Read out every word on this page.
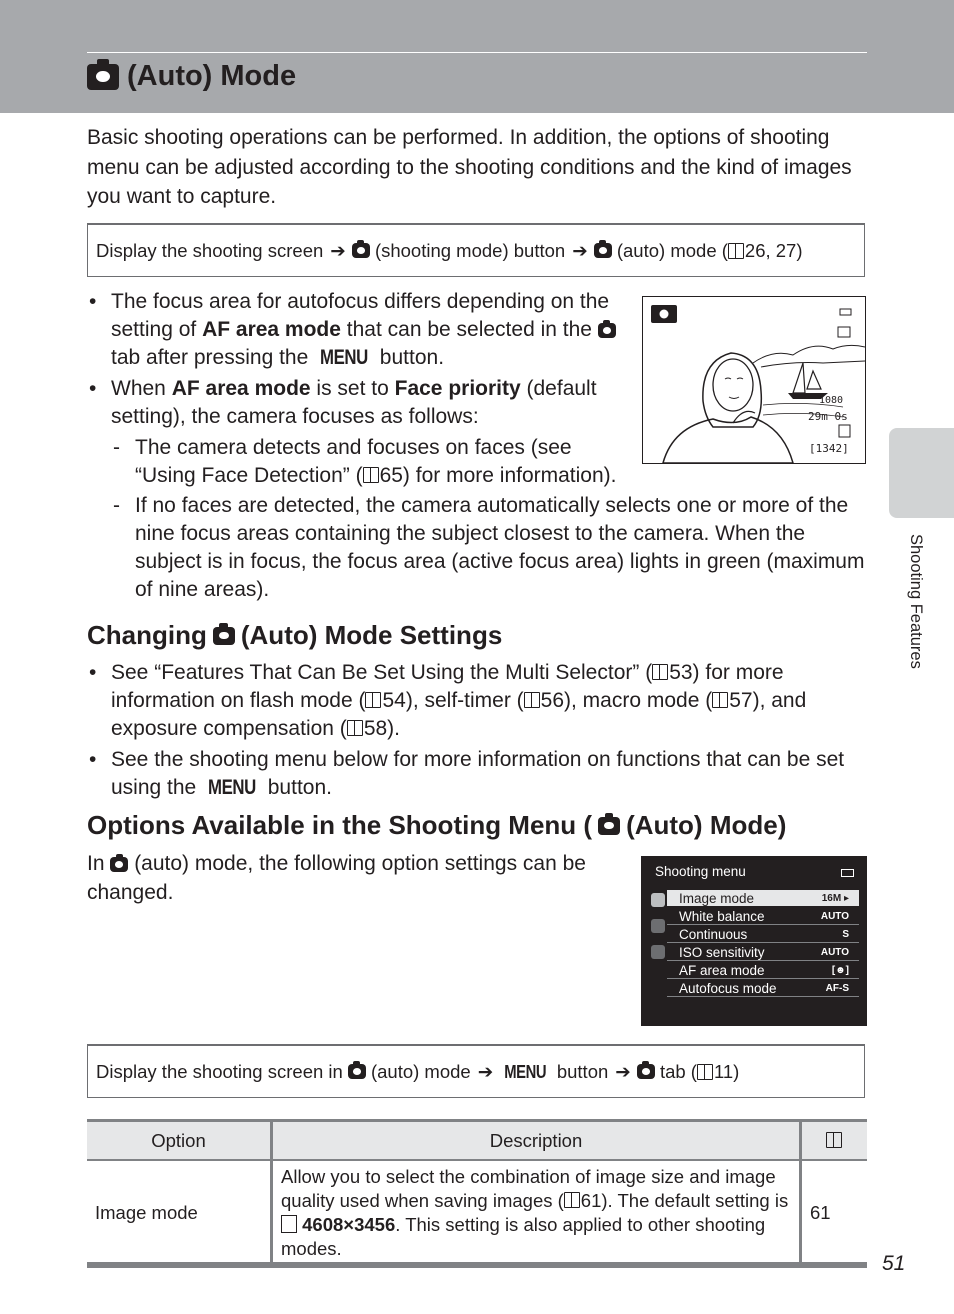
(Auto) Mode

Basic shooting operations can be performed. In addition, the options of shooting menu can be adjusted according to the shooting conditions and the kind of images you want to capture.

Display the shooting screen ➔
(shooting mode) button ➔
(auto) mode ( 26, 27)
• The focus area for autofocus differs depending on the setting of AF area mode that can be selected in the  tab after pressing the MENU button.
• When AF area mode is set to Face priority (default setting), the camera focuses as follows:
- The camera detects and focuses on faces (see “Using Face Detection” ( 65) for more information).
1080
29m 0s
[1342]
- If no faces are detected, the camera automatically selects one or more of the nine focus areas containing the subject closest to the camera. When the subject is in focus, the focus area (active focus area) lights in green (maximum of nine areas).
Changing (Auto) Mode Settings
• See “Features That Can Be Set Using the Multi Selector” ( 53) for more information on flash mode ( 54), self-timer ( 56), macro mode ( 57), and exposure compensation ( 58).
• See the shooting menu below for more information on functions that can be set using the MENU button.
Options Available in the Shooting Menu ( (Auto) Mode)

In  (auto) mode, the following option settings can be changed.

Shooting menu
Image mode	16M ▸
White balance	AUTO
Continuous	S
ISO sensitivity	AUTO
AF area mode	[☻]
Autofocus mode	AF-S
Display the shooting screen in
(auto) mode ➔ MENU
button ➔
tab ( 11)
Option	Description	
Image mode	Allow you to select the combination of image size and image quality used when saving images ( 61). The default setting is  4608×3456. This setting is also applied to other shooting modes.	61
Shooting Features
51
